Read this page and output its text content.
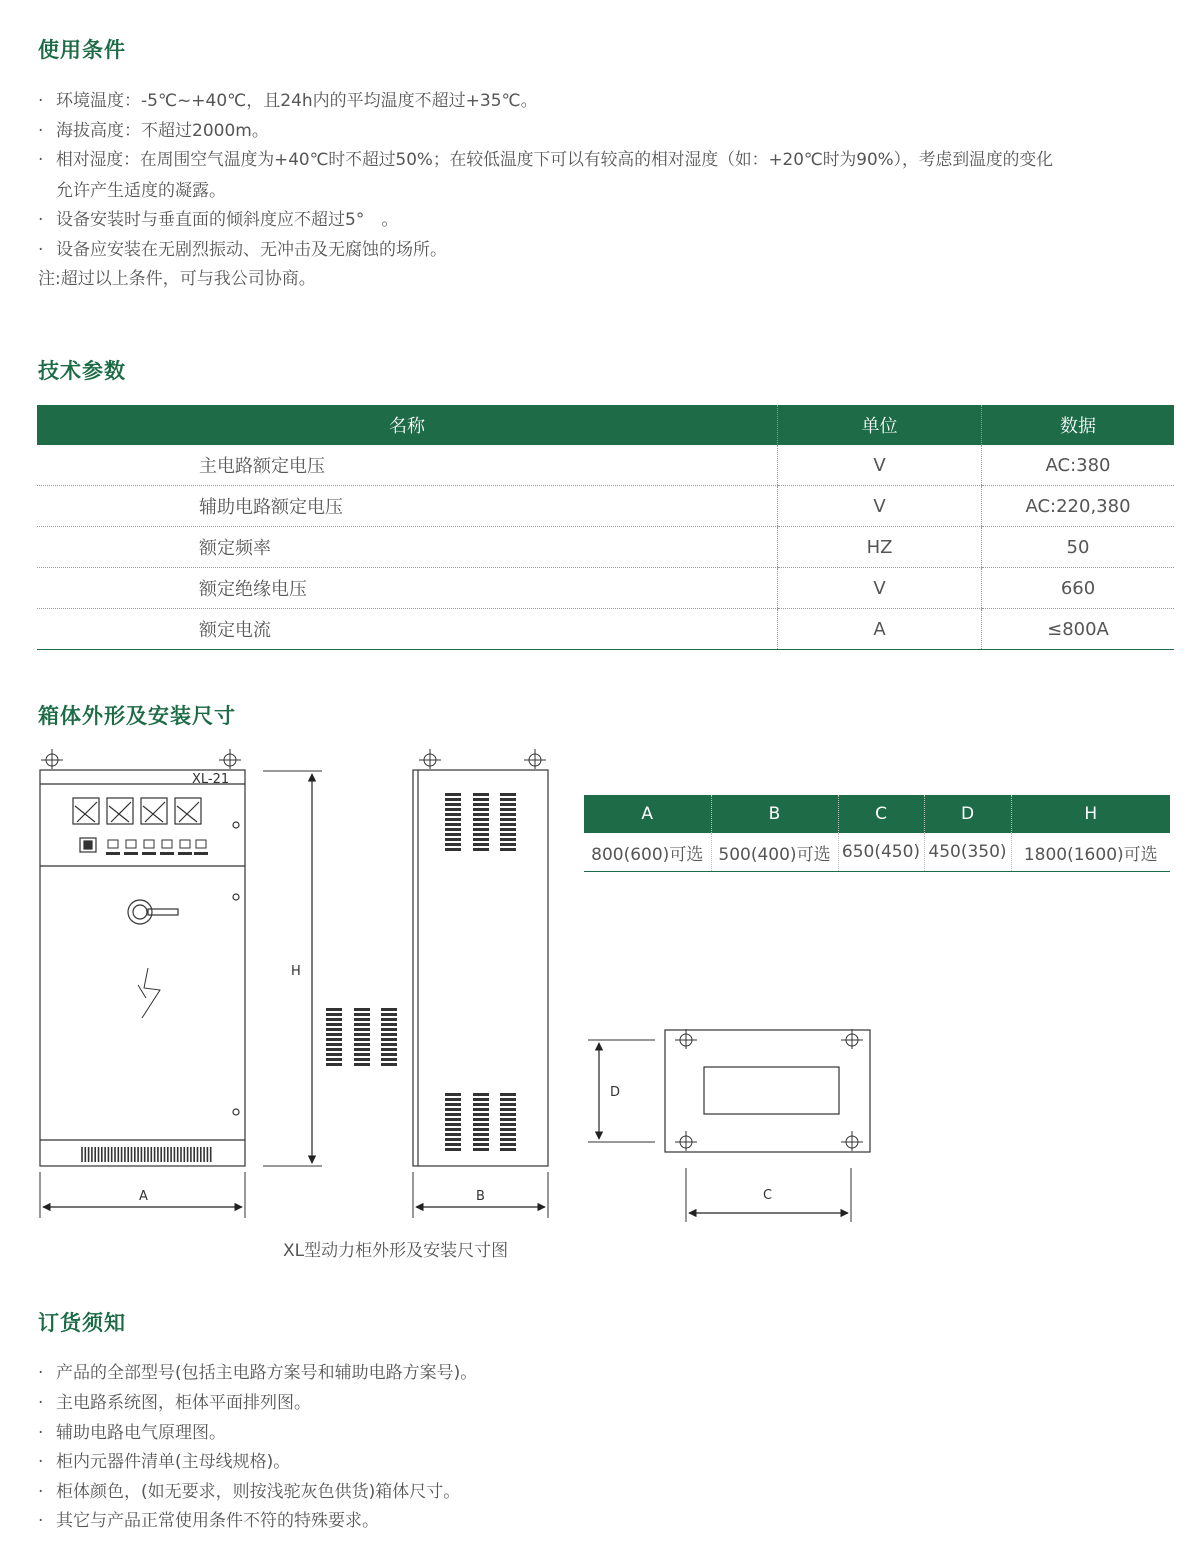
使用条件
· 环境温度：-5℃~+40℃，且24h内的平均温度不超过+35℃。
· 海拔高度：不超过2000m。
· 相对湿度：在周围空气温度为+40℃时不超过50%；在较低温度下可以有较高的相对湿度（如：+20℃时为90%），考虑到温度的变化
允许产生适度的凝露。
· 设备安装时与垂直面的倾斜度应不超过5°　。
· 设备应安装在无剧烈振动、无冲击及无腐蚀的场所。
注:超过以上条件，可与我公司协商。
技术参数
名称	单位	数据
主电路额定电压	V	AC:380
辅助电路额定电压	V	AC:220,380
额定频率	HZ	50
额定绝缘电压	V	660
额定电流	A	≤800A
箱体外形及安装尺寸
XL-21
H
A	B
D
C
A	B	C	D	H
800(600)可选	500(400)可选	650(450)	450(350)	1800(1600)可选
XL型动力柜外形及安装尺寸图
订货须知
· 产品的全部型号(包括主电路方案号和辅助电路方案号)。
· 主电路系统图，柜体平面排列图。
· 辅助电路电气原理图。
· 柜内元器件清单(主母线规格)。
· 柜体颜色，(如无要求，则按浅驼灰色供货)箱体尺寸。
· 其它与产品正常使用条件不符的特殊要求。
